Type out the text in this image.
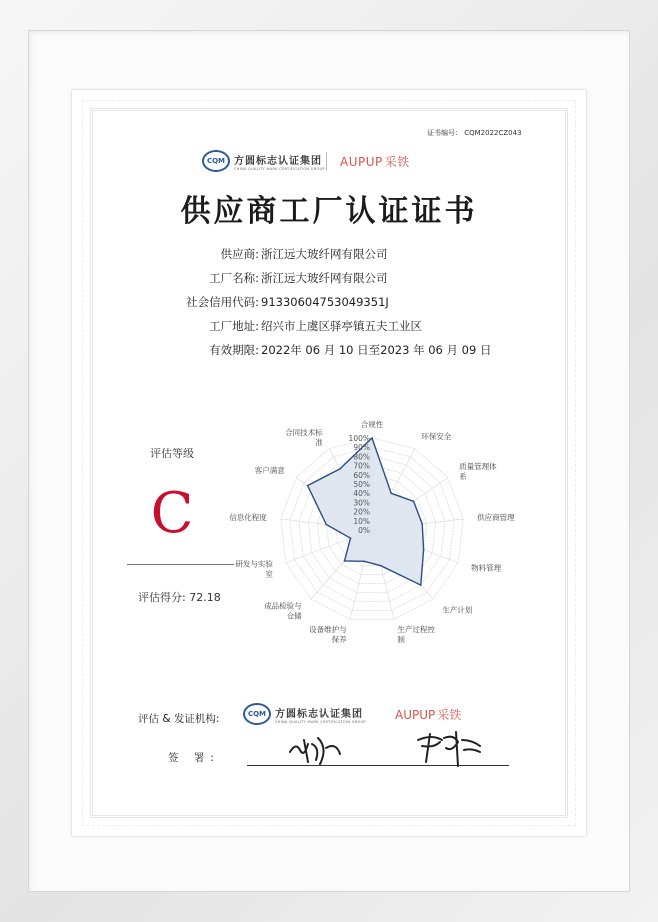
证书编号： CQM2022CZ043
CQM 方圆标志认证集团
CHINA QUALITY MARK CERTIFICATION GROUP AUPUP 采铁
供应商工厂认证证书
供应商: 浙江远大玻纤网有限公司
工厂名称: 浙江远大玻纤网有限公司
社会信用代码: 91330604753049351J
工厂地址: 绍兴市上虞区驿亭镇五夫工业区
有效期限: 2022年 06 月 10 日至2023 年 06 月 09 日
评估等级
C
评估得分: 72.18
0%
10%
20%
30%
40%
50%
60%
70%
80%
90%
100%
合规性
环保安全
质量管理体系
供应商管理
物料管理
生产计划
生产过程控制
设备维护与保养
成品检验与仓储
研发与实验室
信息化程度
客户满意
合同技术标准
评估 & 发证机构:	CQM 方圆标志认证集团
CHINA QUALITY MARK CERTIFICATION GROUP AUPUP 采铁
签 署:
